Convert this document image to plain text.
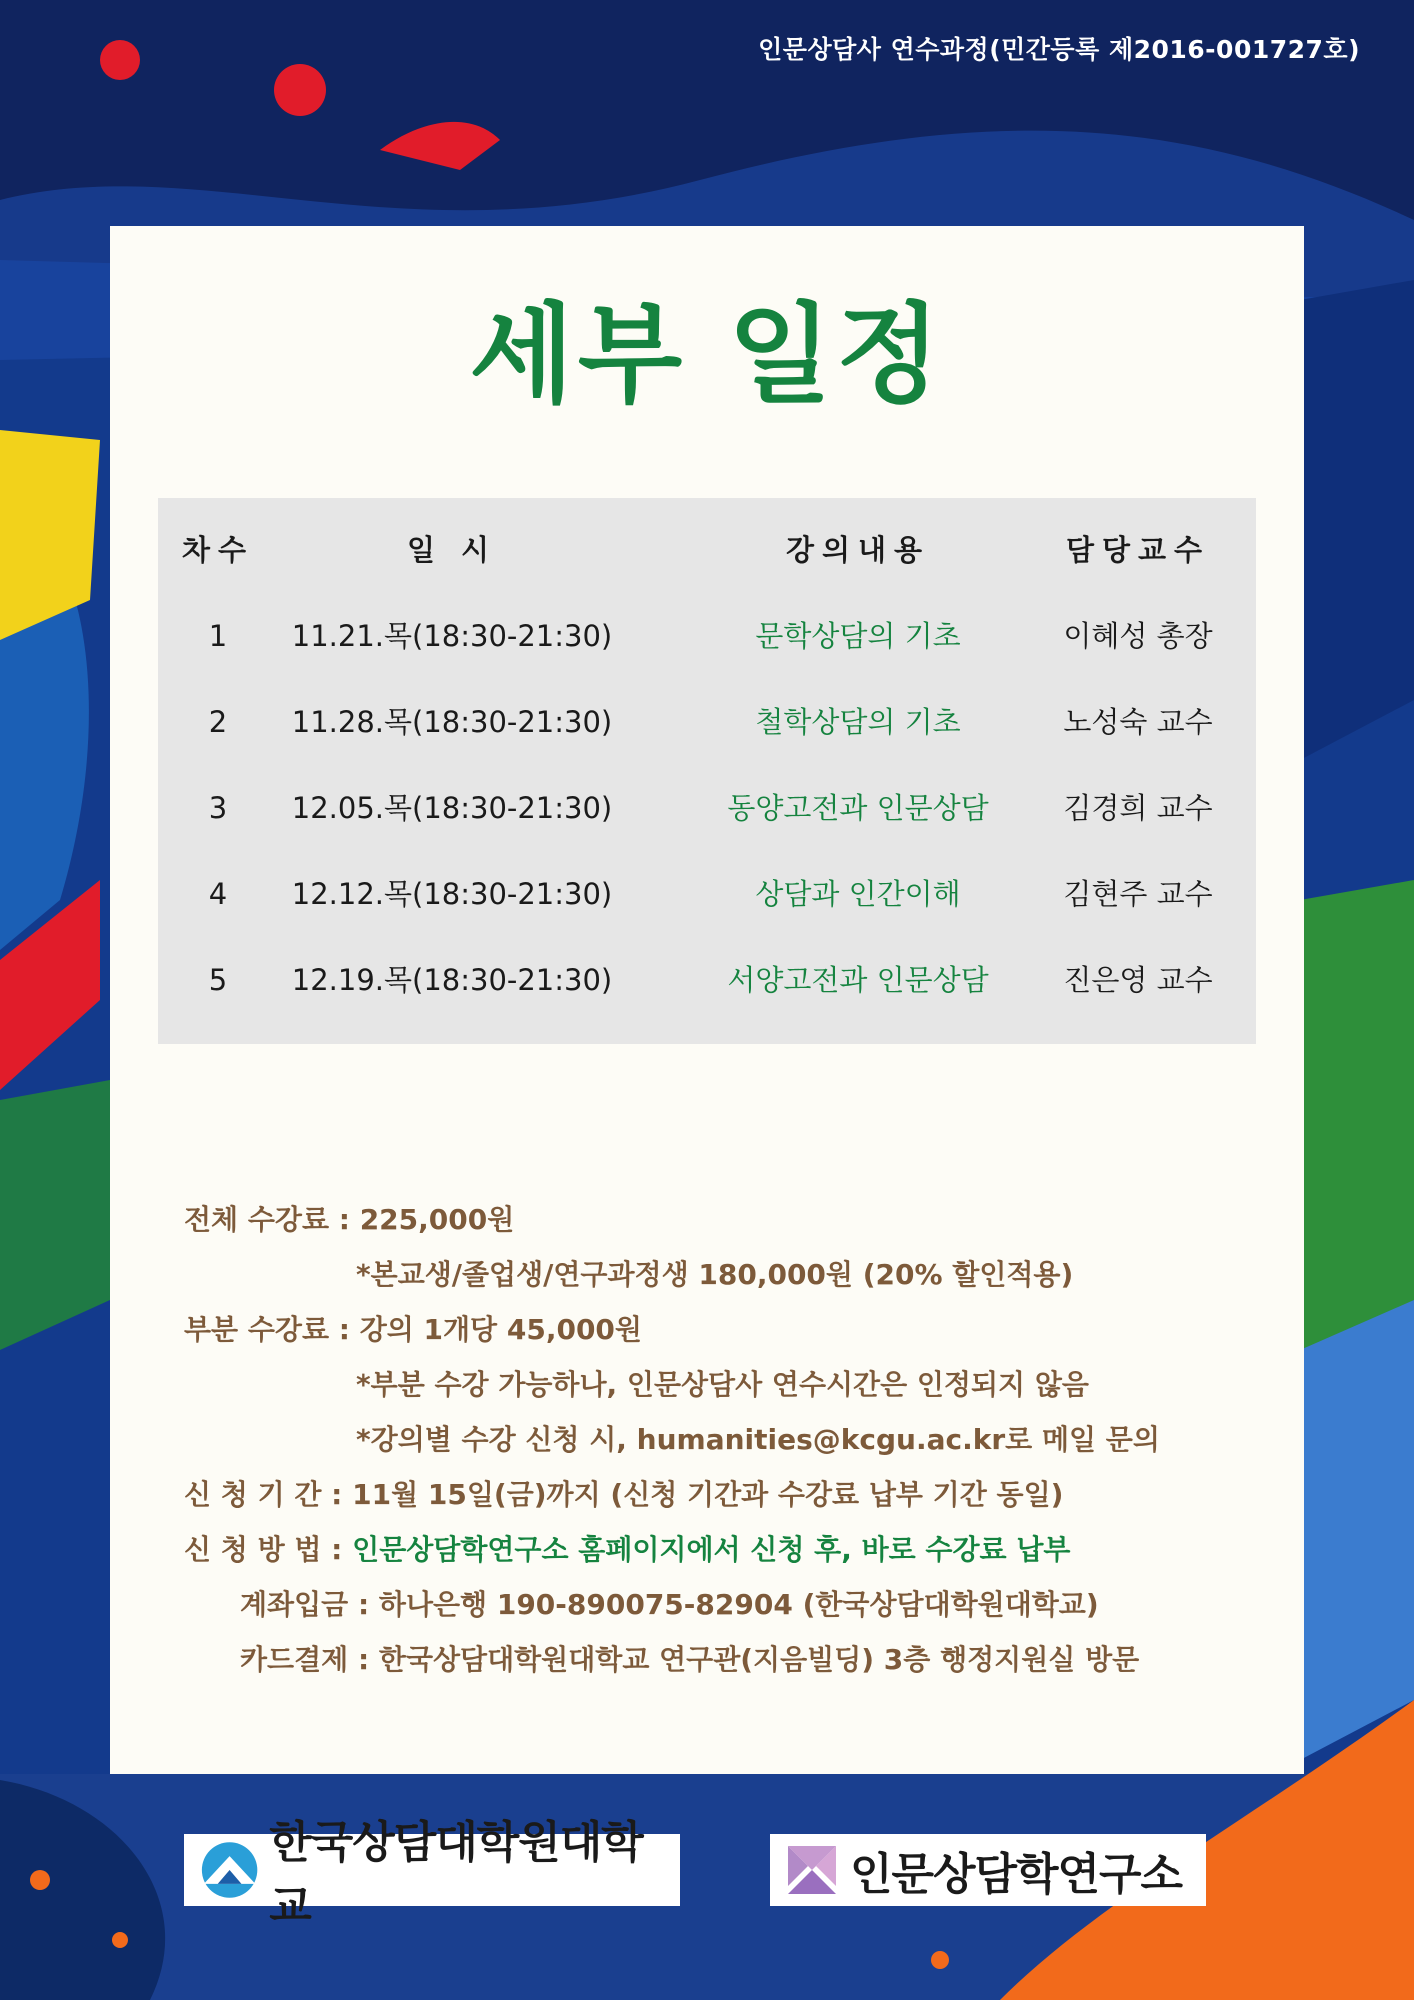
인문상담사 연수과정(민간등록 제2016-001727호)
세부 일정
차수	일 시	강의내용	담당교수
1	11.21.목(18:30-21:30)	문학상담의 기초	이혜성 총장
2	11.28.목(18:30-21:30)	철학상담의 기초	노성숙 교수
3	12.05.목(18:30-21:30)	동양고전과 인문상담	김경희 교수
4	12.12.목(18:30-21:30)	상담과 인간이해	김현주 교수
5	12.19.목(18:30-21:30)	서양고전과 인문상담	진은영 교수
전체 수강료 : 225,000원
*본교생/졸업생/연구과정생 180,000원 (20% 할인적용)
부분 수강료 : 강의 1개당 45,000원
*부분 수강 가능하나, 인문상담사 연수시간은 인정되지 않음
*강의별 수강 신청 시, humanities@kcgu.ac.kr로 메일 문의
신 청 기 간 : 11월 15일(금)까지 (신청 기간과 수강료 납부 기간 동일)
신 청 방 법 : 인문상담학연구소 홈페이지에서 신청 후, 바로 수강료 납부
계좌입금 : 하나은행 190-890075-82904 (한국상담대학원대학교)
카드결제 : 한국상담대학원대학교 연구관(지음빌딩) 3층 행정지원실 방문
한국상담대학원대학교
인문상담학연구소
